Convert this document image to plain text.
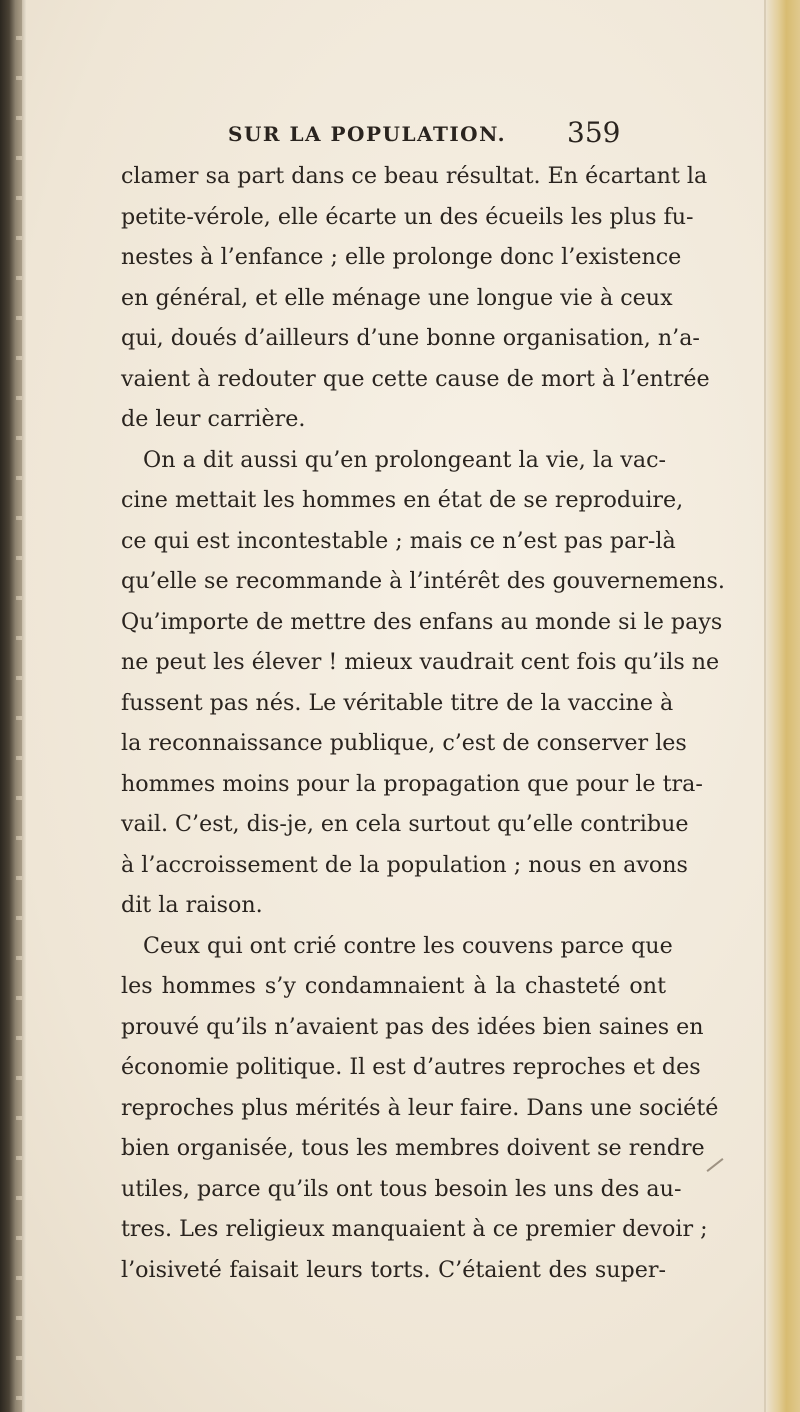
SUR LA POPULATION. 359
clamer sa part dans ce beau résultat. En écartant la
petite-vérole, elle écarte un des écueils les plus fu-
nestes à l’enfance ; elle prolonge donc l’existence
en général, et elle ménage une longue vie à ceux
qui, doués d’ailleurs d’une bonne organisation, n’a-
vaient à redouter que cette cause de mort à l’entrée
de leur carrière.
On a dit aussi qu’en prolongeant la vie, la vac-
cine mettait les hommes en état de se reproduire,
ce qui est incontestable ; mais ce n’est pas par-là
qu’elle se recommande à l’intérêt des gouvernemens.
Qu’importe de mettre des enfans au monde si le pays
ne peut les élever ! mieux vaudrait cent fois qu’ils ne
fussent pas nés. Le véritable titre de la vaccine à
la reconnaissance publique, c’est de conserver les
hommes moins pour la propagation que pour le tra-
vail. C’est, dis-je, en cela surtout qu’elle contribue
à l’accroissement de la population ; nous en avons
dit la raison.
Ceux qui ont crié contre les couvens parce que
les hommes s’y condamnaient à la chasteté ont
prouvé qu’ils n’avaient pas des idées bien saines en
économie politique. Il est d’autres reproches et des
reproches plus mérités à leur faire. Dans une société
bien organisée, tous les membres doivent se rendre
utiles, parce qu’ils ont tous besoin les uns des au-
tres. Les religieux manquaient à ce premier devoir ;
l’oisiveté faisait leurs torts. C’étaient des super-
